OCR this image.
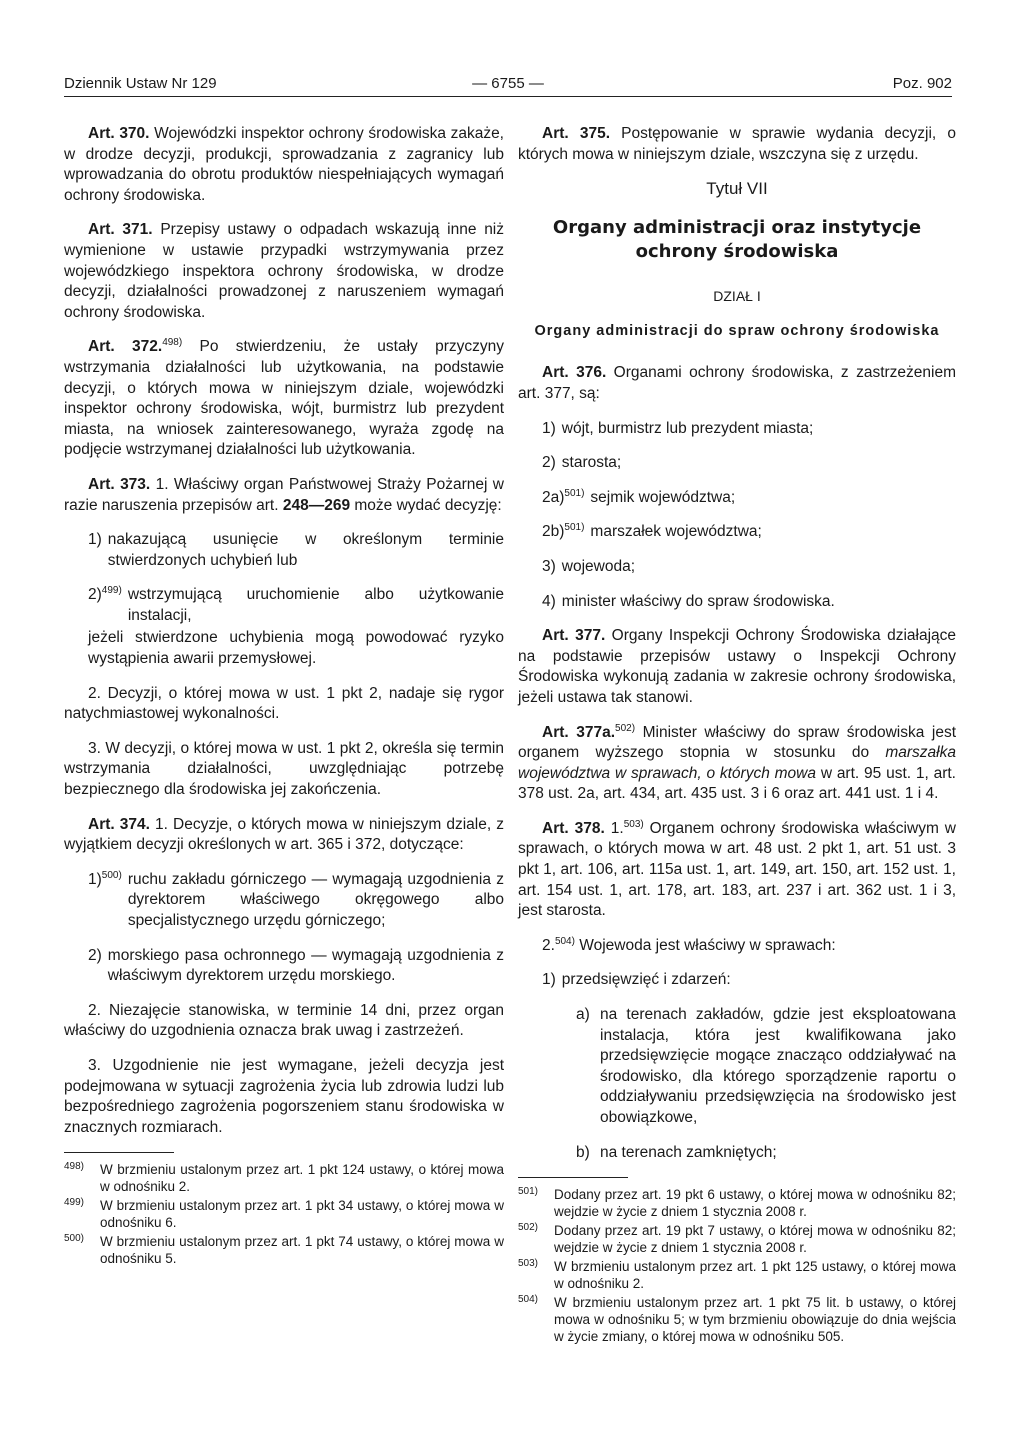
Dziennik Ustaw Nr 129	— 6755 —	Poz. 902

Art. 370. Wojewódzki inspektor ochrony środowiska zakaże, w drodze decyzji, produkcji, sprowadzania z zagranicy lub wprowadzania do obrotu produktów niespełniających wymagań ochrony środowiska.

Art. 371. Przepisy ustawy o odpadach wskazują inne niż wymienione w ustawie przypadki wstrzymywania przez wojewódzkiego inspektora ochrony środowiska, w drodze decyzji, działalności prowadzonej z naruszeniem wymagań ochrony środowiska.

Art. 372.$^{498)}$ Po stwierdzeniu, że ustały przyczyny wstrzymania działalności lub użytkowania, na podstawie decyzji, o których mowa w niniejszym dziale, wojewódzki inspektor ochrony środowiska, wójt, burmistrz lub prezydent miasta, na wniosek zainteresowanego, wyraża zgodę na podjęcie wstrzymanej działalności lub użytkowania.

Art. 373. 1. Właściwy organ Państwowej Straży Pożarnej w razie naruszenia przepisów art. 248—269 może wydać decyzję:

1) nakazującą usunięcie w określonym terminie stwierdzonych uchybień lub
2)$^{499)}$ wstrzymującą uruchomienie albo użytkowanie instalacji,

jeżeli stwierdzone uchybienia mogą powodować ryzyko wystąpienia awarii przemysłowej.

2. Decyzji, o której mowa w ust. 1 pkt 2, nadaje się rygor natychmiastowej wykonalności.

3. W decyzji, o której mowa w ust. 1 pkt 2, określa się termin wstrzymania działalności, uwzględniając potrzebę bezpiecznego dla środowiska jej zakończenia.

Art. 374. 1. Decyzje, o których mowa w niniejszym dziale, z wyjątkiem decyzji określonych w art. 365 i 372, dotyczące:

1)$^{500)}$ ruchu zakładu górniczego — wymagają uzgodnienia z dyrektorem właściwego okręgowego albo specjalistycznego urzędu górniczego;
2) morskiego pasa ochronnego — wymagają uzgodnienia z właściwym dyrektorem urzędu morskiego.

2. Niezajęcie stanowiska, w terminie 14 dni, przez organ właściwy do uzgodnienia oznacza brak uwag i zastrzeżeń.

3. Uzgodnienie nie jest wymagane, jeżeli decyzja jest podejmowana w sytuacji zagrożenia życia lub zdrowia ludzi lub bezpośredniego zagrożenia pogorszeniem stanu środowiska w znacznych rozmiarach.

498)	W brzmieniu ustalonym przez art. 1 pkt 124 ustawy, o której mowa w odnośniku 2.
499)	W brzmieniu ustalonym przez art. 1 pkt 34 ustawy, o której mowa w odnośniku 6.
500)	W brzmieniu ustalonym przez art. 1 pkt 74 ustawy, o której mowa w odnośniku 5.

Art. 375. Postępowanie w sprawie wydania decyzji, o których mowa w niniejszym dziale, wszczyna się z urzędu.

Tytuł VII
Organy administracji oraz instytycje ochrony środowiska
DZIAŁ I
Organy administracji do spraw ochrony środowiska

Art. 376. Organami ochrony środowiska, z zastrzeżeniem art. 377, są:

1) wójt, burmistrz lub prezydent miasta;
2) starosta;
2a)$^{501)}$ sejmik województwa;
2b)$^{501)}$ marszałek województwa;
3) wojewoda;
4) minister właściwy do spraw środowiska.

Art. 377. Organy Inspekcji Ochrony Środowiska działające na podstawie przepisów ustawy o Inspekcji Ochrony Środowiska wykonują zadania w zakresie ochrony środowiska, jeżeli ustawa tak stanowi.

Art. 377a.$^{502)}$ Minister właściwy do spraw środowiska jest organem wyższego stopnia w stosunku do marszałka województwa w sprawach, o których mowa w art. 95 ust. 1, art. 378 ust. 2a, art. 434, art. 435 ust. 3 i 6 oraz art. 441 ust. 1 i 4.

Art. 378. 1.$^{503)}$ Organem ochrony środowiska właściwym w sprawach, o których mowa w art. 48 ust. 2 pkt 1, art. 51 ust. 3 pkt 1, art. 106, art. 115a ust. 1, art. 149, art. 150, art. 152 ust. 1, art. 154 ust. 1, art. 178, art. 183, art. 237 i art. 362 ust. 1 i 3, jest starosta.

2.$^{504)}$ Wojewoda jest właściwy w sprawach:

1) przedsięwzięć i zdarzeń:
a) na terenach zakładów, gdzie jest eksploatowana instalacja, która jest kwalifikowana jako przedsięwzięcie mogące znacząco oddziaływać na środowisko, dla którego sporządzenie raportu o oddziaływaniu przedsięwzięcia na środowisko jest obowiązkowe,
b) na terenach zamkniętych;
501)	Dodany przez art. 19 pkt 6 ustawy, o której mowa w odnośniku 82; wejdzie w życie z dniem 1 stycznia 2008 r.
502)	Dodany przez art. 19 pkt 7 ustawy, o której mowa w odnośniku 82; wejdzie w życie z dniem 1 stycznia 2008 r.
503)	W brzmieniu ustalonym przez art. 1 pkt 125 ustawy, o której mowa w odnośniku 2.
504)	W brzmieniu ustalonym przez art. 1 pkt 75 lit. b ustawy, o której mowa w odnośniku 5; w tym brzmieniu obowiązuje do dnia wejścia w życie zmiany, o której mowa w odnośniku 505.
